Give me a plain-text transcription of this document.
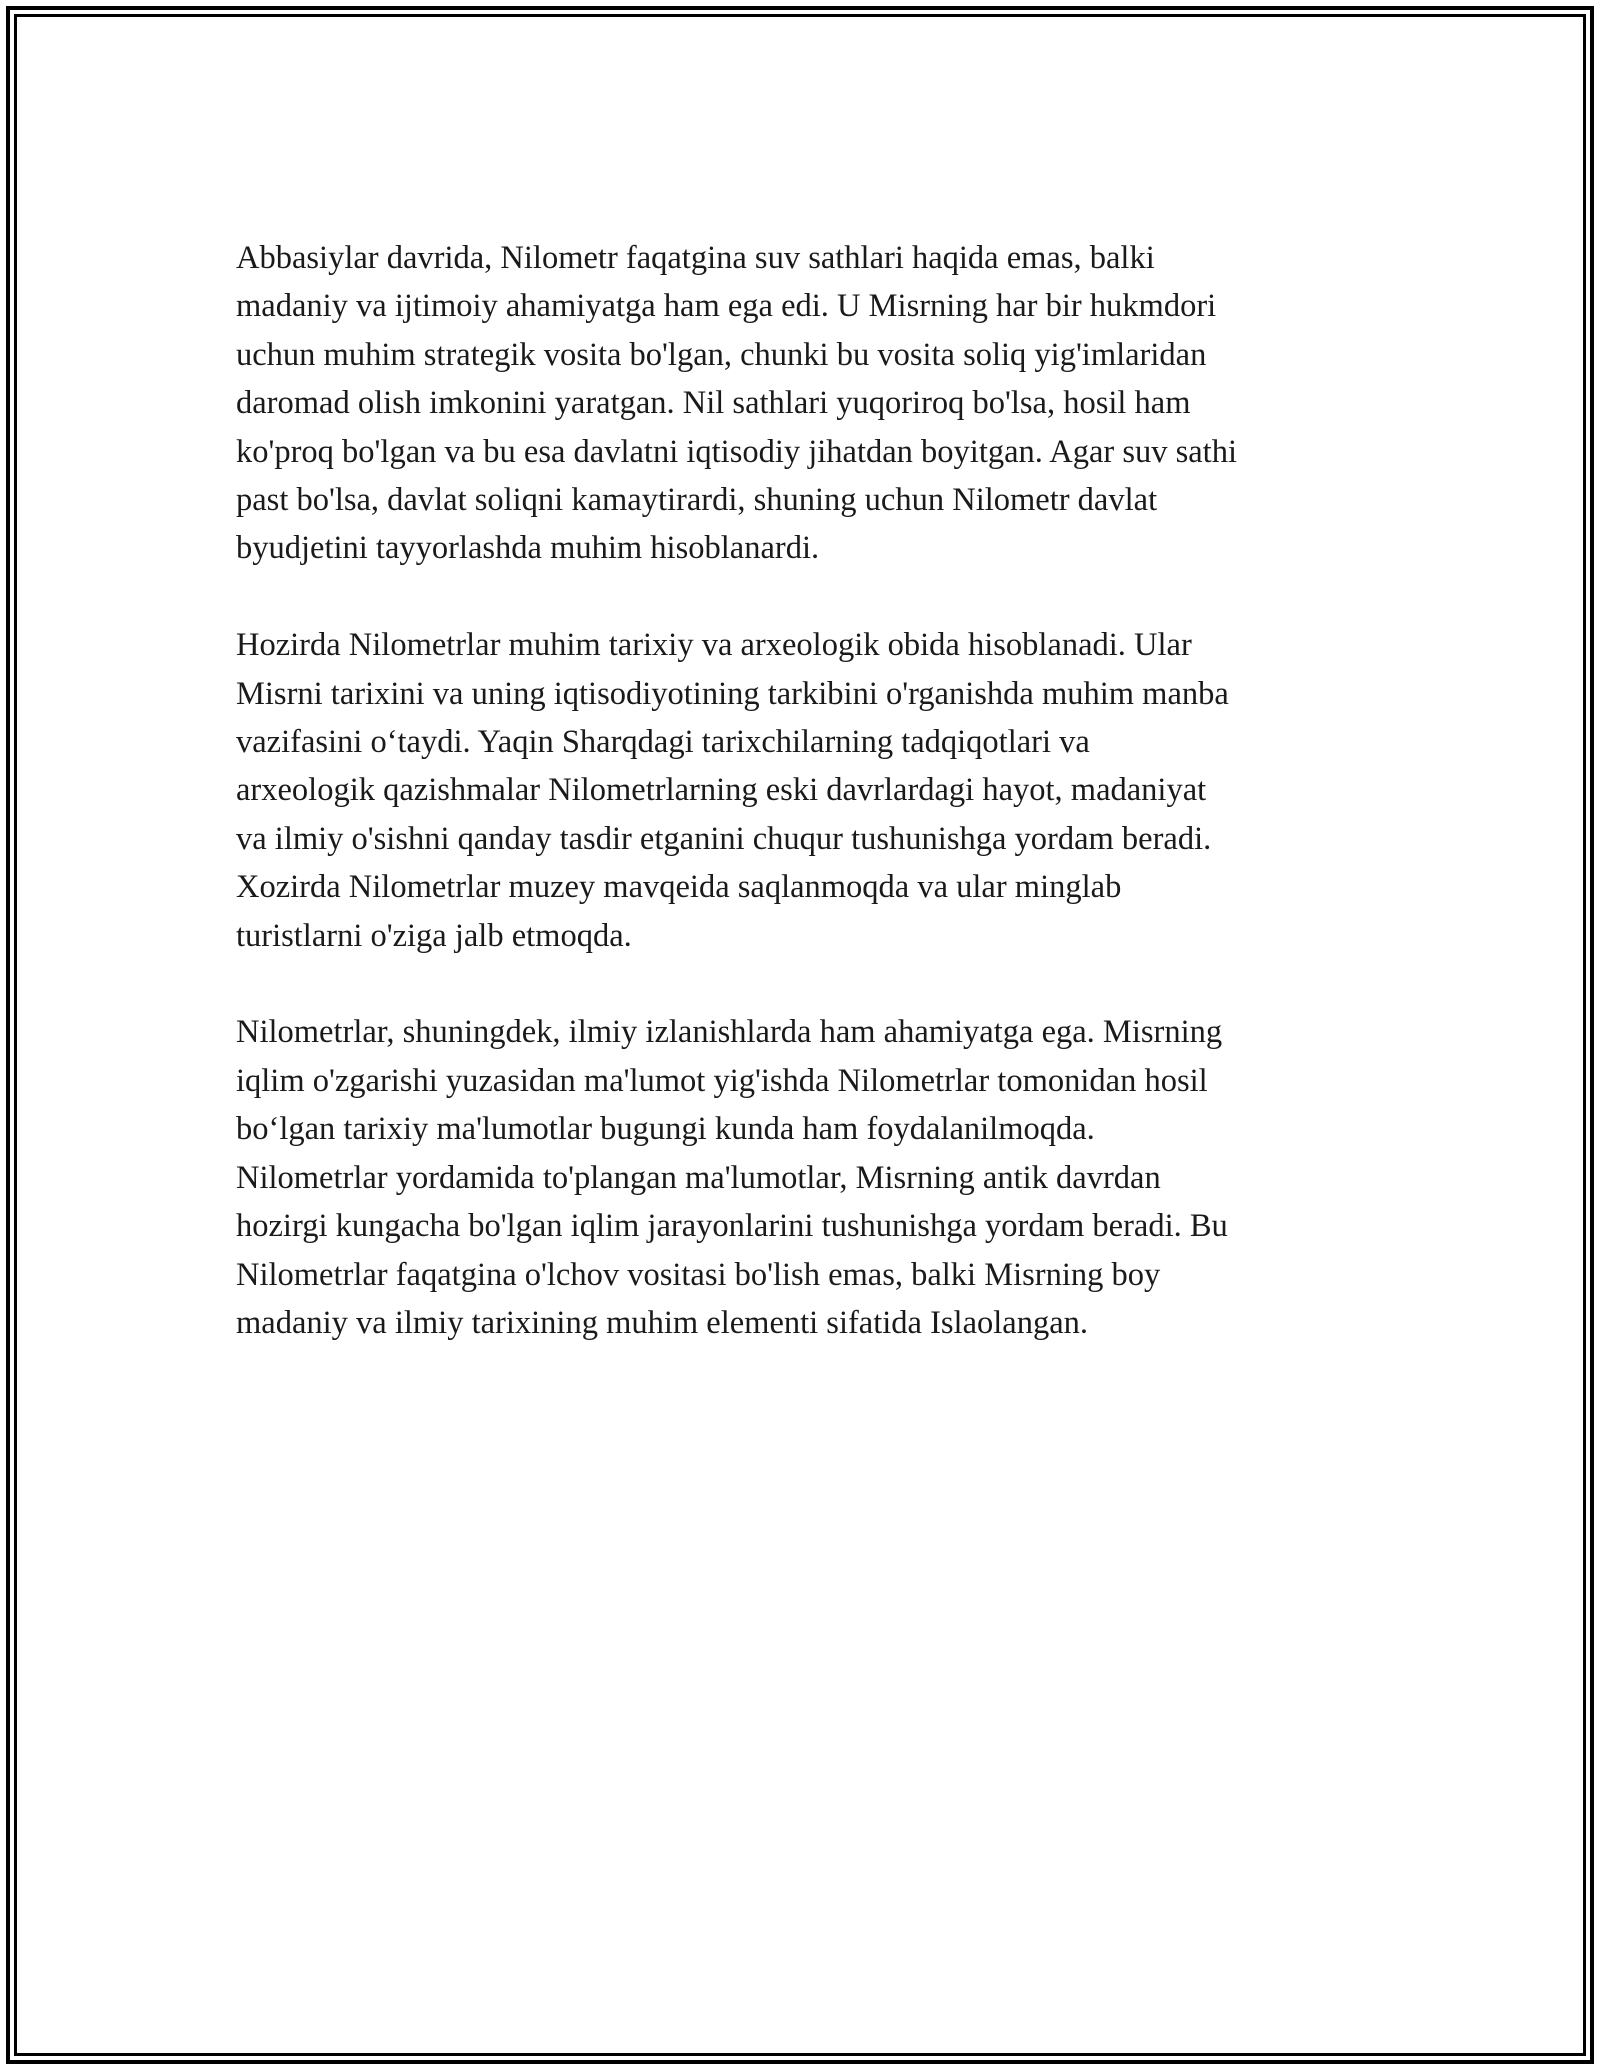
Abbasiylar davrida, Nilometr faqatgina suv sathlari haqida emas, balki
madaniy va ijtimoiy ahamiyatga ham ega edi. U Misrning har bir hukmdori
uchun muhim strategik vosita bo'lgan, chunki bu vosita soliq yig'imlaridan
daromad olish imkonini yaratgan. Nil sathlari yuqoriroq bo'lsa, hosil ham
ko'proq bo'lgan va bu esa davlatni iqtisodiy jihatdan boyitgan. Agar suv sathi
past bo'lsa, davlat soliqni kamaytirardi, shuning uchun Nilometr davlat
byudjetini tayyorlashda muhim hisoblanardi.

Hozirda Nilometrlar muhim tarixiy va arxeologik obida hisoblanadi. Ular
Misrni tarixini va uning iqtisodiyotining tarkibini o'rganishda muhim manba
vazifasini o‘taydi. Yaqin Sharqdagi tarixchilarning tadqiqotlari va
arxeologik qazishmalar Nilometrlarning eski davrlardagi hayot, madaniyat
va ilmiy o'sishni qanday tasdir etganini chuqur tushunishga yordam beradi.
Xozirda Nilometrlar muzey mavqeida saqlanmoqda va ular minglab
turistlarni o'ziga jalb etmoqda.

Nilometrlar, shuningdek, ilmiy izlanishlarda ham ahamiyatga ega. Misrning
iqlim o'zgarishi yuzasidan ma'lumot yig'ishda Nilometrlar tomonidan hosil
bo‘lgan tarixiy ma'lumotlar bugungi kunda ham foydalanilmoqda.
Nilometrlar yordamida to'plangan ma'lumotlar, Misrning antik davrdan
hozirgi kungacha bo'lgan iqlim jarayonlarini tushunishga yordam beradi. Bu
Nilometrlar faqatgina o'lchov vositasi bo'lish emas, balki Misrning boy
madaniy va ilmiy tarixining muhim elementi sifatida Islaolangan.
